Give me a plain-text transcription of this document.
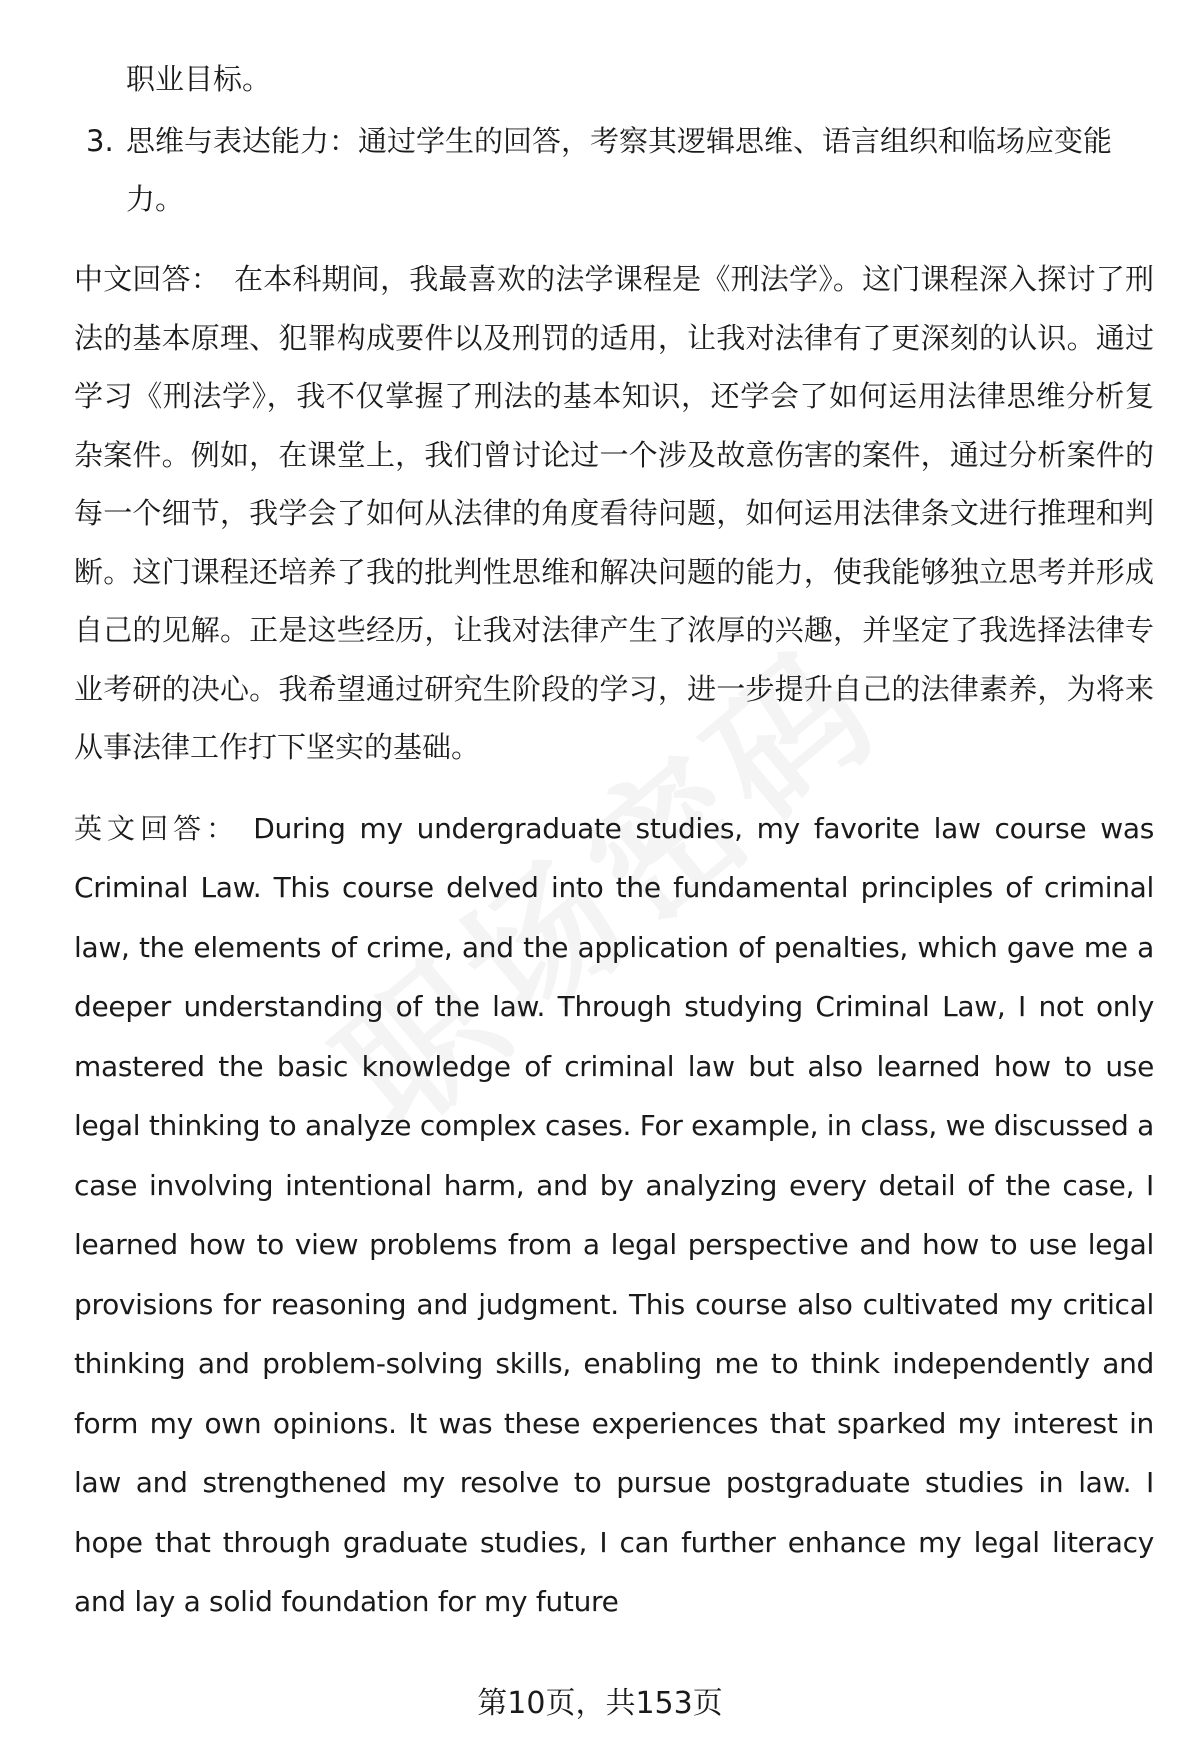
职业目标。
3. 思维与表达能力：通过学生的回答，考察其逻辑思维、语言组织和临场应变能力。
中文回答： 在本科期间，我最喜欢的法学课程是《刑法学》。这门课程深入探讨了刑法的基本原理、犯罪构成要件以及刑罚的适用，让我对法律有了更深刻的认识。通过学习《刑法学》，我不仅掌握了刑法的基本知识，还学会了如何运用法律思维分析复杂案件。例如，在课堂上，我们曾讨论过一个涉及故意伤害的案件，通过分析案件的每一个细节，我学会了如何从法律的角度看待问题，如何运用法律条文进行推理和判断。这门课程还培养了我的批判性思维和解决问题的能力，使我能够独立思考并形成自己的见解。正是这些经历，让我对法律产生了浓厚的兴趣，并坚定了我选择法律专业考研的决心。我希望通过研究生阶段的学习，进一步提升自己的法律素养，为将来从事法律工作打下坚实的基础。
英文回答： During my undergraduate studies, my favorite law course was Criminal Law. This course delved into the fundamental principles of criminal law, the elements of crime, and the application of penalties, which gave me a deeper understanding of the law. Through studying Criminal Law, I not only mastered the basic knowledge of criminal law but also learned how to use legal thinking to analyze complex cases. For example, in class, we discussed a case involving intentional harm, and by analyzing every detail of the case, I learned how to view problems from a legal perspective and how to use legal provisions for reasoning and judgment. This course also cultivated my critical thinking and problem-solving skills, enabling me to think independently and form my own opinions. It was these experiences that sparked my interest in law and strengthened my resolve to pursue postgraduate studies in law. I hope that through graduate studies, I can further enhance my legal literacy and lay a solid foundation for my future
第10页，共153页
